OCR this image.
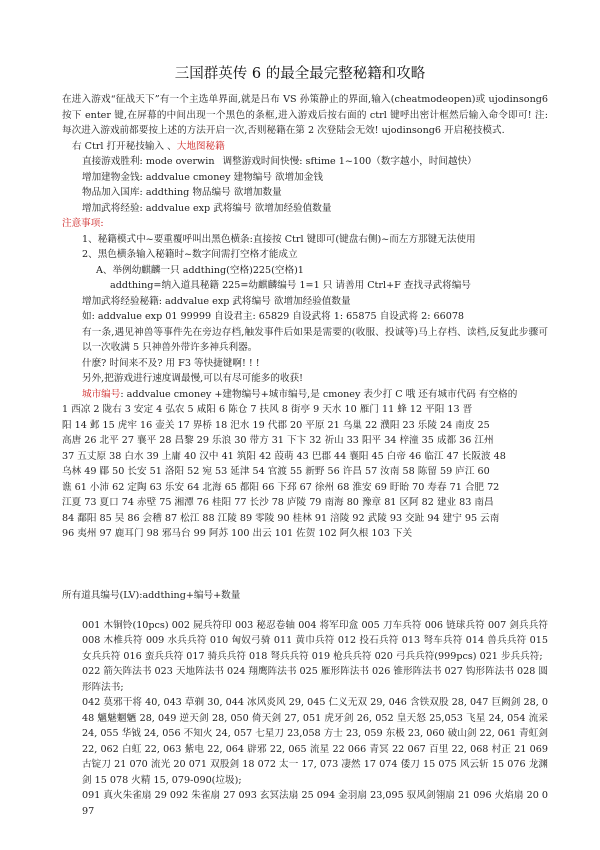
三国群英传 6 的最全最完整秘籍和攻略
在进入游戏“征战天下”有一个主选单界面,就是吕布 VS 孙策静止的界面,输入(cheatmodeopen)或 ujodinsong6 按下 enter 键,在屏幕的中间出现一个黑色的条框,进入游戏后按右面的 ctrl 键呼出密计框然后输入命令即可! 注: 每次进入游戏前都要按上述的方法开启一次,否则秘籍在第 2 次登陆会无效! ujodinsong6 开启秘技模式.
右 Ctrl 打开秘技输入 、大地图秘籍
直接游戏胜利: mode overwin 调整游戏时间快慢: sftime 1~100（数字越小，时间越快）
增加建物金钱: addvalue cmoney 建物编号 欲增加金钱
物品加入国库: addthing 物品编号 欲增加数量
增加武将经验: addvalue exp 武将编号 欲增加经验值数量
注意事项:
1、秘籍模式中~要重覆呼叫出黑色横条:直接按 Ctrl 键即可(键盘右侧)~而左方那键无法使用
2、黑色横条输入秘籍时~数字间需打空格才能成立
A、举例幼麒麟一只 addthing(空格)225(空格)1
addthing=纳入道具秘籍 225=幼麒麟编号 1=1 只 请善用 Ctrl+F 查找寻武将编号
增加武将经验秘籍: addvalue exp 武将编号 欲增加经验值数量
如: addvalue exp 01 99999 自设君主: 65829 自设武将 1: 65875 自设武将 2: 66078
有一条,遇见神兽等事件先在旁边存档,触发事件后如果是需要的(收服、投诚等)马上存档、读档,反复此步骤可以一次收满 5 只神兽外带许多神兵利器。
什麽? 时间来不及? 用 F3 等快捷键啊! ! !
另外,把游戏进行速度调最慢,可以有尽可能多的收获!
城市编号: addvalue cmoney +建物编号+城市编号,是 cmoney 表少打 C 哦 还有城市代码 有空格的
1 西凉 2 陇右 3 安定 4 弘农 5 咸阳 6 陈仓 7 扶风 8 街亭 9 天水 10 雁门 11 蜂 12 平阳 13 晋
阳 14 邺 15 虎牢 16 壶关 17 界桥 18 汜水 19 代郡 20 平原 21 乌巢 22 濮阳 23 乐陵 24 南皮 25
高唐 26 北平 27 襄平 28 昌黎 29 乐浪 30 带方 31 下卞 32 祈山 33 阳平 34 梓潼 35 成都 36 江州
37 五丈原 38 白水 39 上庸 40 汉中 41 筑阳 42 葭萌 43 巴郡 44 襄阳 45 白帝 46 临江 47 长阪波 48
乌林 49 郿 50 长安 51 洛阳 52 宛 53 延津 54 官渡 55 新野 56 许昌 57 汝南 58 陈留 59 庐江 60
谯 61 小沛 62 定陶 63 乐安 64 北海 65 都阳 66 下邳 67 徐州 68 淮安 69 盱眙 70 寿春 71 合肥 72
江夏 73 夏口 74 赤壁 75 湘潭 76 桂阳 77 长沙 78 庐陵 79 南海 80 豫章 81 区阿 82 建业 83 南昌
84 鄱阳 85 吴 86 会稽 87 松江 88 江陵 89 零陵 90 桂林 91 涪陵 92 武陵 93 交趾 94 建宁 95 云南
96 夷州 97 鹿耳门 98 邪马台 99 阿苏 100 出云 101 佐贺 102 阿久根 103 下关
所有道具编号(LV):addthing+编号+数量
001 木铜铃(10pcs) 002 屍兵符印 003 秘忍卷轴 004 将军印盒 005 刀车兵符 006 链球兵符 007 剑兵兵符 008 木椎兵符 009 水兵兵符 010 匈奴弓骑 011 黄巾兵符 012 投石兵符 013 弩车兵符 014 兽兵兵符 015 女兵兵符 016 蛮兵兵符 017 骑兵兵符 018 弩兵兵符 019 枪兵兵符 020 弓兵兵符(999pcs) 021 步兵兵符;
022 箭矢阵法书 023 天地阵法书 024 翔鹰阵法书 025 雁形阵法书 026 锥形阵法书 027 钩形阵法书 028 圆形阵法书;
042 莫邪干将 40, 043 草剃 30, 044 冰风炎风 29, 045 仁义无双 29, 046 含铁双股 28, 047 巨阙剑 28, 048 魑魅魍魉 28, 049 逆天剑 28, 050 倚天剑 27, 051 虎牙剑 26, 052 皇天怒 25,053 飞星 24, 054 流采 24, 055 华钺 24, 056 不知火 24, 057 七星刀 23,058 方士 23, 059 东极 23, 060 破山剑 22, 061 青虹剑 22, 062 白虹 22, 063 紫电 22, 064 辟邪 22, 065 流星 22 066 青冥 22 067 百里 22, 068 村正 21 069 古锭刀 21 070 流光 20 071 双股剑 18 072 太一 17, 073 凄然 17 074 倭刀 15 075 风云斩 15 076 龙渊剑 15 078 火精 15, 079-090(垃圾);
091 真火朱雀扇 29 092 朱雀扇 27 093 玄冥法扇 25 094 金羽扇 23,095 驭风剑翎扇 21 096 火焰扇 20 097
